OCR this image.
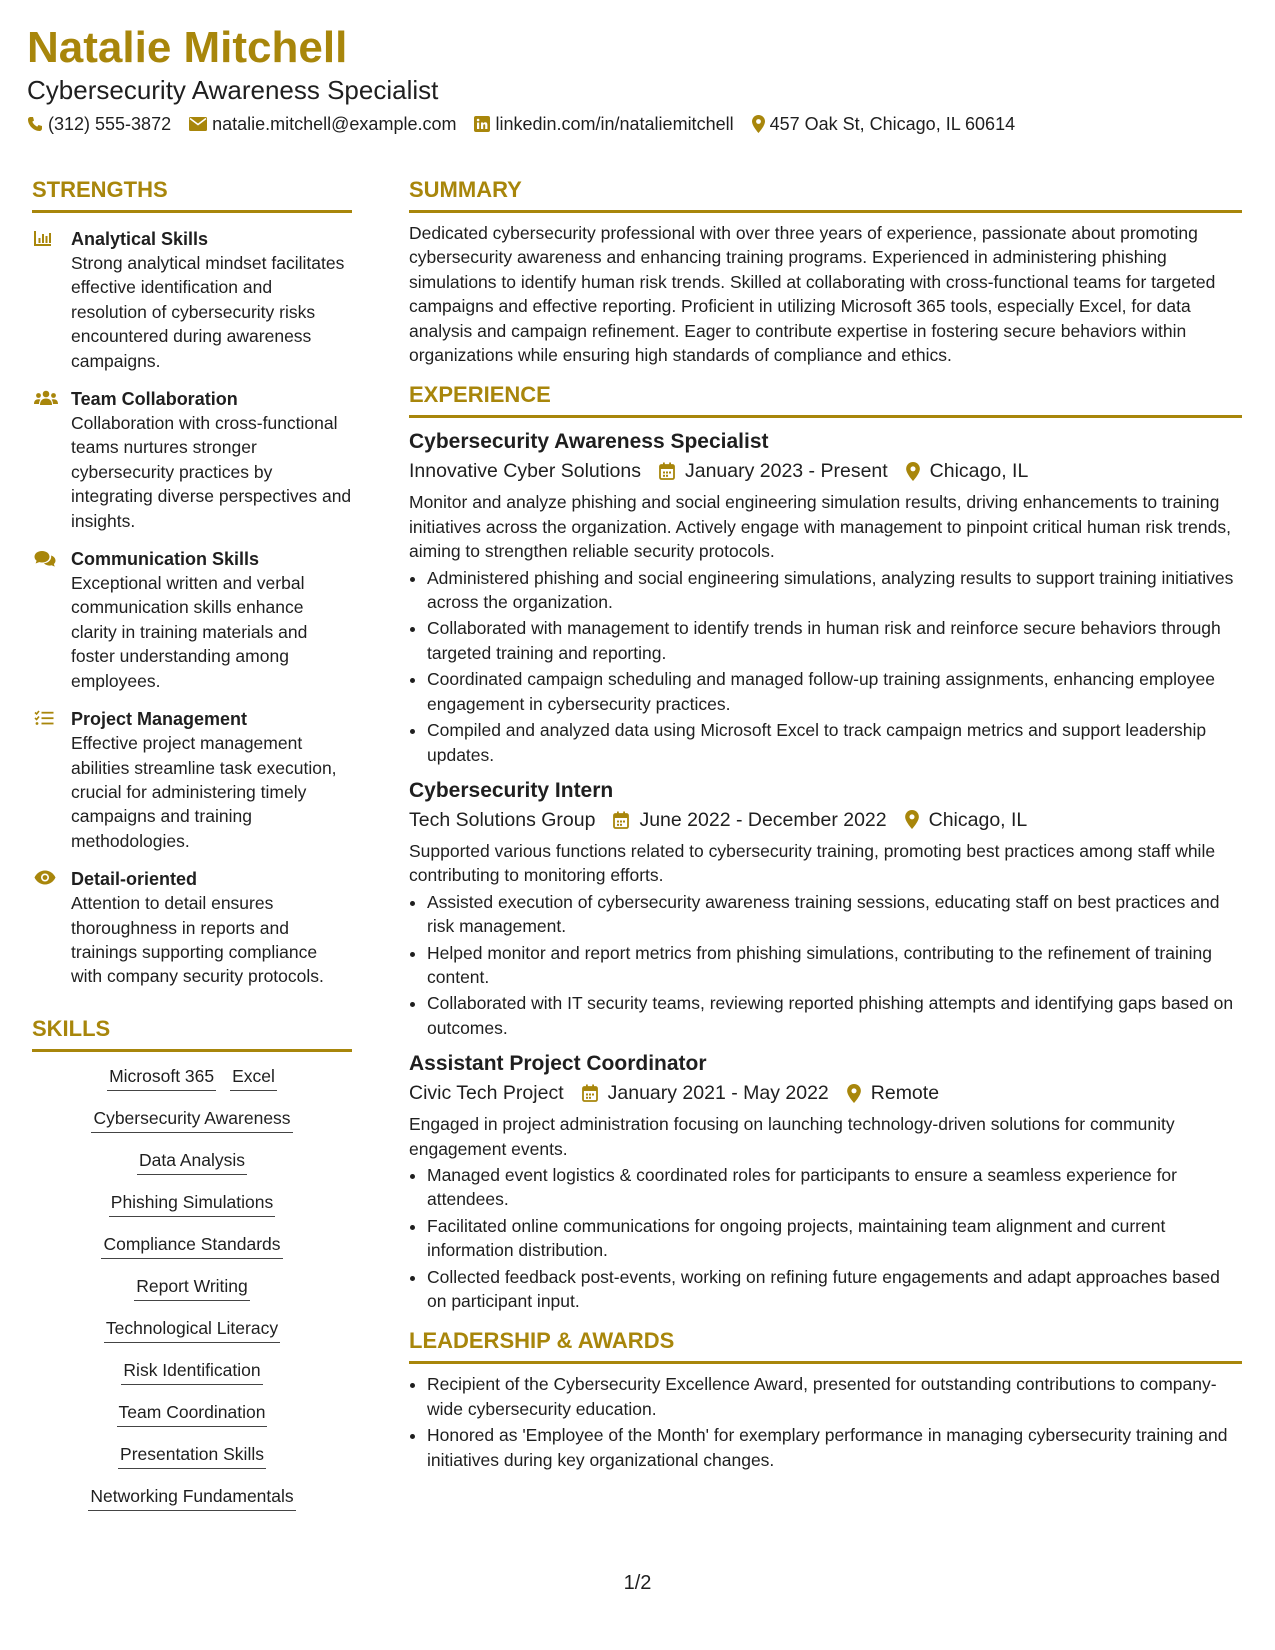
Natalie Mitchell
Cybersecurity Awareness Specialist
(312) 555-3872 natalie.mitchell@example.com linkedin.com/in/nataliemitchell 457 Oak St, Chicago, IL 60614
STRENGTHS
Analytical Skills
Strong analytical mindset facilitates effective identification and resolution of cybersecurity risks encountered during awareness campaigns.
Team Collaboration
Collaboration with cross-functional teams nurtures stronger cybersecurity practices by integrating diverse perspectives and insights.
Communication Skills
Exceptional written and verbal communication skills enhance clarity in training materials and foster understanding among employees.
Project Management
Effective project management abilities streamline task execution, crucial for administering timely campaigns and training methodologies.
Detail-oriented
Attention to detail ensures thoroughness in reports and trainings supporting compliance with company security protocols.
SKILLS
Microsoft 365 Excel
Cybersecurity Awareness
Data Analysis
Phishing Simulations
Compliance Standards
Report Writing
Technological Literacy
Risk Identification
Team Coordination
Presentation Skills
Networking Fundamentals
SUMMARY

Dedicated cybersecurity professional with over three years of experience, passionate about promoting cybersecurity awareness and enhancing training programs. Experienced in administering phishing simulations to identify human risk trends. Skilled at collaborating with cross-functional teams for targeted campaigns and effective reporting. Proficient in utilizing Microsoft 365 tools, especially Excel, for data analysis and campaign refinement. Eager to contribute expertise in fostering secure behaviors within organizations while ensuring high standards of compliance and ethics.

EXPERIENCE
Cybersecurity Awareness Specialist
Innovative Cyber Solutions January 2023 - Present Chicago, IL

Monitor and analyze phishing and social engineering simulation results, driving enhancements to training initiatives across the organization. Actively engage with management to pinpoint critical human risk trends, aiming to strengthen reliable security protocols.

• Administered phishing and social engineering simulations, analyzing results to support training initiatives across the organization.
• Collaborated with management to identify trends in human risk and reinforce secure behaviors through targeted training and reporting.
• Coordinated campaign scheduling and managed follow-up training assignments, enhancing employee engagement in cybersecurity practices.
• Compiled and analyzed data using Microsoft Excel to track campaign metrics and support leadership updates.
Cybersecurity Intern
Tech Solutions Group June 2022 - December 2022 Chicago, IL

Supported various functions related to cybersecurity training, promoting best practices among staff while contributing to monitoring efforts.

• Assisted execution of cybersecurity awareness training sessions, educating staff on best practices and risk management.
• Helped monitor and report metrics from phishing simulations, contributing to the refinement of training content.
• Collaborated with IT security teams, reviewing reported phishing attempts and identifying gaps based on outcomes.
Assistant Project Coordinator
Civic Tech Project January 2021 - May 2022 Remote

Engaged in project administration focusing on launching technology-driven solutions for community engagement events.

• Managed event logistics & coordinated roles for participants to ensure a seamless experience for attendees.
• Facilitated online communications for ongoing projects, maintaining team alignment and current information distribution.
• Collected feedback post-events, working on refining future engagements and adapt approaches based on participant input.
LEADERSHIP & AWARDS
• Recipient of the Cybersecurity Excellence Award, presented for outstanding contributions to company-wide cybersecurity education.
• Honored as 'Employee of the Month' for exemplary performance in managing cybersecurity training and initiatives during key organizational changes.
1/2
